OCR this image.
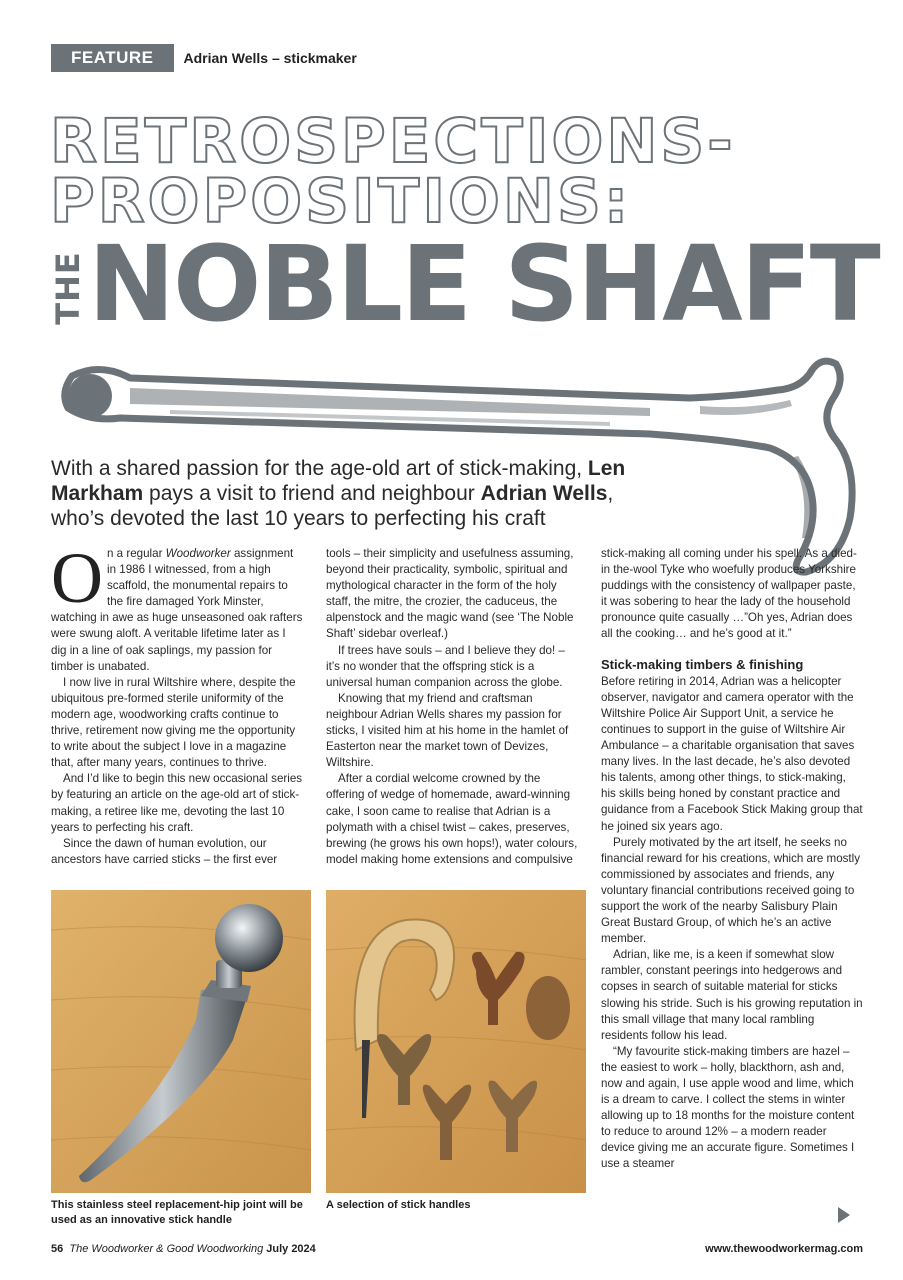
FEATURE	Adrian Wells – stickmaker
RETROSPECTIONS-
PROPOSITIONS:
THE NOBLE SHAFT
With a shared passion for the age-old art of stick-making, Len Markham pays a visit to friend and neighbour Adrian Wells, who’s devoted the last 10 years to perfecting his craft

On a regular Woodworker assignment in 1986 I witnessed, from a high scaffold, the monumental repairs to the fire damaged York Minster, watching in awe as huge unseasoned oak rafters were swung aloft. A veritable lifetime later as I dig in a line of oak saplings, my passion for timber is unabated.

I now live in rural Wiltshire where, despite the ubiquitous pre-formed sterile uniformity of the modern age, woodworking crafts continue to thrive, retirement now giving me the opportunity to write about the subject I love in a magazine that, after many years, continues to thrive.

And I’d like to begin this new occasional series by featuring an article on the age-old art of stick-making, a retiree like me, devoting the last 10 years to perfecting his craft.

Since the dawn of human evolution, our ancestors have carried sticks – the first ever

tools – their simplicity and usefulness assuming, beyond their practicality, symbolic, spiritual and mythological character in the form of the holy staff, the mitre, the crozier, the caduceus, the alpenstock and the magic wand (see ‘The Noble Shaft’ sidebar overleaf.)

If trees have souls – and I believe they do! – it’s no wonder that the offspring stick is a universal human companion across the globe.

Knowing that my friend and craftsman neighbour Adrian Wells shares my passion for sticks, I visited him at his home in the hamlet of Easterton near the market town of Devizes, Wiltshire.

After a cordial welcome crowned by the offering of wedge of homemade, award-winning cake, I soon came to realise that Adrian is a polymath with a chisel twist – cakes, preserves, brewing (he grows his own hops!), water colours, model making home extensions and compulsive

stick-making all coming under his spell. As a died-in the-wool Tyke who woefully produces Yorkshire puddings with the consistency of wallpaper paste, it was sobering to hear the lady of the household pronounce quite casually …”Oh yes, Adrian does all the cooking… and he’s good at it.”

Stick-making timbers & finishing

Before retiring in 2014, Adrian was a helicopter observer, navigator and camera operator with the Wiltshire Police Air Support Unit, a service he continues to support in the guise of Wiltshire Air Ambulance – a charitable organisation that saves many lives. In the last decade, he’s also devoted his talents, among other things, to stick-making, his skills being honed by constant practice and guidance from a Facebook Stick Making group that he joined six years ago.

Purely motivated by the art itself, he seeks no financial reward for his creations, which are mostly commissioned by associates and friends, any voluntary financial contributions received going to support the work of the nearby Salisbury Plain Great Bustard Group, of which he’s an active member.

Adrian, like me, is a keen if somewhat slow rambler, constant peerings into hedgerows and copses in search of suitable material for sticks slowing his stride. Such is his growing reputation in this small village that many local rambling residents follow his lead.

“My favourite stick-making timbers are hazel – the easiest to work – holly, blackthorn, ash and, now and again, I use apple wood and lime, which is a dream to carve. I collect the stems in winter allowing up to 18 months for the moisture content to reduce to around 12% – a modern reader device giving me an accurate figure. Sometimes I use a steamer

This stainless steel replacement-hip joint will be used as an innovative stick handle
A selection of stick handles
56 The Woodworker & Good Woodworking July 2024	www.thewoodworkermag.com
